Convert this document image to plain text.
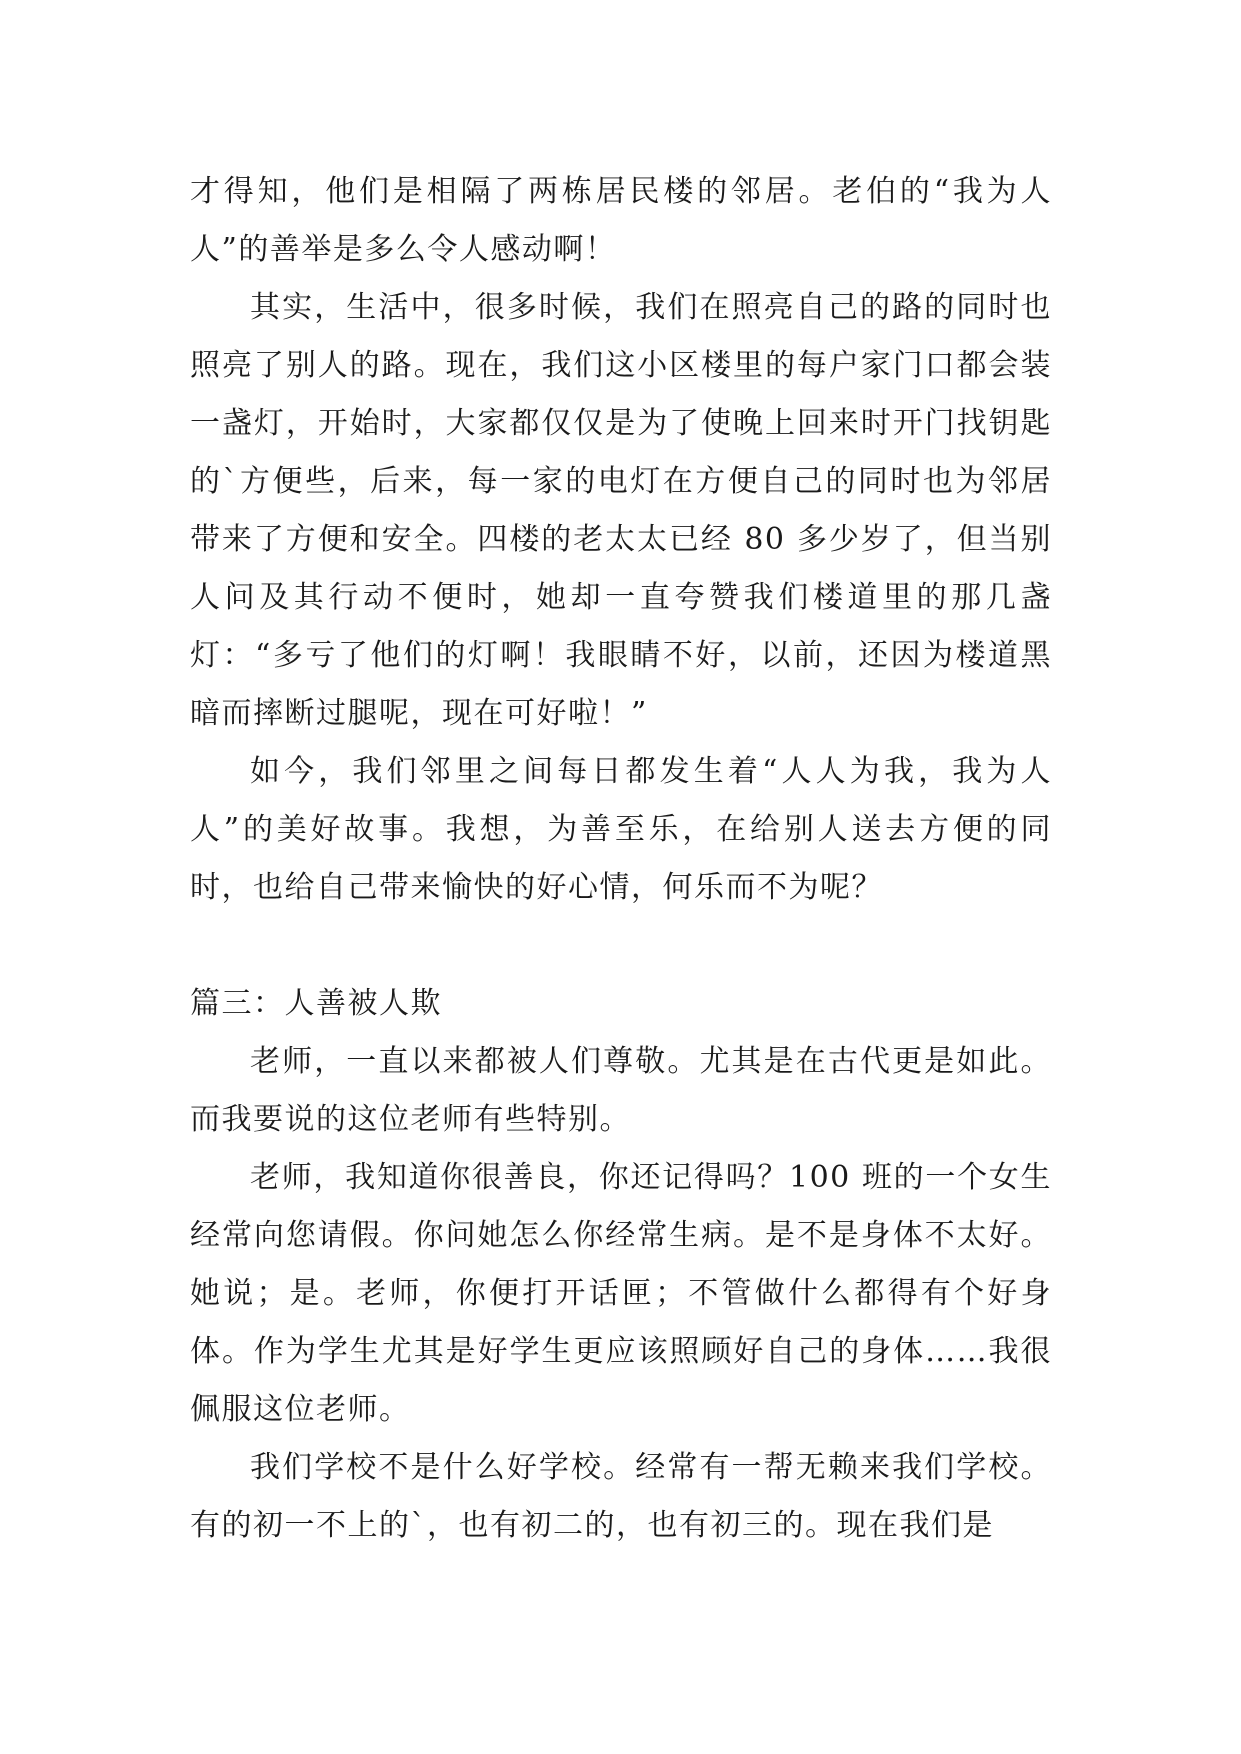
才得知，他们是相隔了两栋居民楼的邻居。老伯的“我为人人”的善举是多么令人感动啊！

其实，生活中，很多时候，我们在照亮自己的路的同时也照亮了别人的路。现在，我们这小区楼里的每户家门口都会装一盏灯，开始时，大家都仅仅是为了使晚上回来时开门找钥匙的`方便些，后来，每一家的电灯在方便自己的同时也为邻居带来了方便和安全。四楼的老太太已经 80 多少岁了，但当别人问及其行动不便时，她却一直夸赞我们楼道里的那几盏灯：“多亏了他们的灯啊！我眼睛不好，以前，还因为楼道黑暗而摔断过腿呢，现在可好啦！”

如今，我们邻里之间每日都发生着“人人为我，我为人人”的美好故事。我想，为善至乐，在给别人送去方便的同时，也给自己带来愉快的好心情，何乐而不为呢？

篇三：人善被人欺

老师，一直以来都被人们尊敬。尤其是在古代更是如此。而我要说的这位老师有些特别。

老师，我知道你很善良，你还记得吗？100 班的一个女生经常向您请假。你问她怎么你经常生病。是不是身体不太好。她说；是。老师，你便打开话匣；不管做什么都得有个好身体。作为学生尤其是好学生更应该照顾好自己的身体……我很佩服这位老师。

我们学校不是什么好学校。经常有一帮无赖来我们学校。有的初一不上的`，也有初二的，也有初三的。现在我们是
